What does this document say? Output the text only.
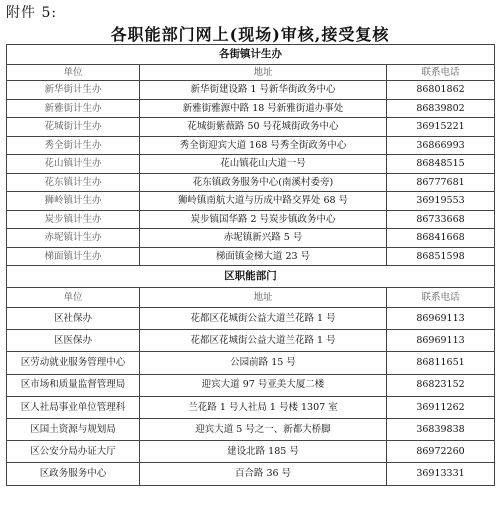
附件 5:
各职能部门网上(现场)审核,接受复核
各街镇计生办		
单位	地址	联系电话
新华街计生办	新华街建设路 1 号新华街政务中心	86801862
新雅街计生办	新雅街雅源中路 18 号新雅街道办事处	86839802
花城街计生办	花城街紫薇路 50 号花城街政务中心	36915221
秀全街计生办	秀全街迎宾大道 168 号秀全街政务中心	36866993
花山镇计生办	花山镇花山大道一号	86848515
花东镇计生办	花东镇政务服务中心(南溪村委旁)	86777681
狮岭镇计生办	狮岭镇南航大道与历成中路交界处 68 号	36919553
炭步镇计生办	炭步镇国华路 2 号炭步镇政务中心	86733668
赤坭镇计生办	赤坭镇新兴路 5 号	86841668
梯面镇计生办	梯面镇金梯大道 23 号	86851598
区职能部门		
单位	地址	联系电话
区社保办	花都区花城街公益大道兰花路 1 号	86969113
区医保办	花都区花城街公益大道兰花路 1 号	86969113
区劳动就业服务管理中心	公园前路 15 号	86811651
区市场和质量监督管理局	迎宾大道 97 号亚美大厦二楼	86823152
区人社局事业单位管理科	兰花路 1 号人社局 1 号楼 1307 室	36911262
区国土资源与规划局	迎宾大道 5 号之一、新都大桥脚	36839838
区公安分局办证大厅	建设北路 185 号	86972260
区政务服务中心	百合路 36 号	36913331
